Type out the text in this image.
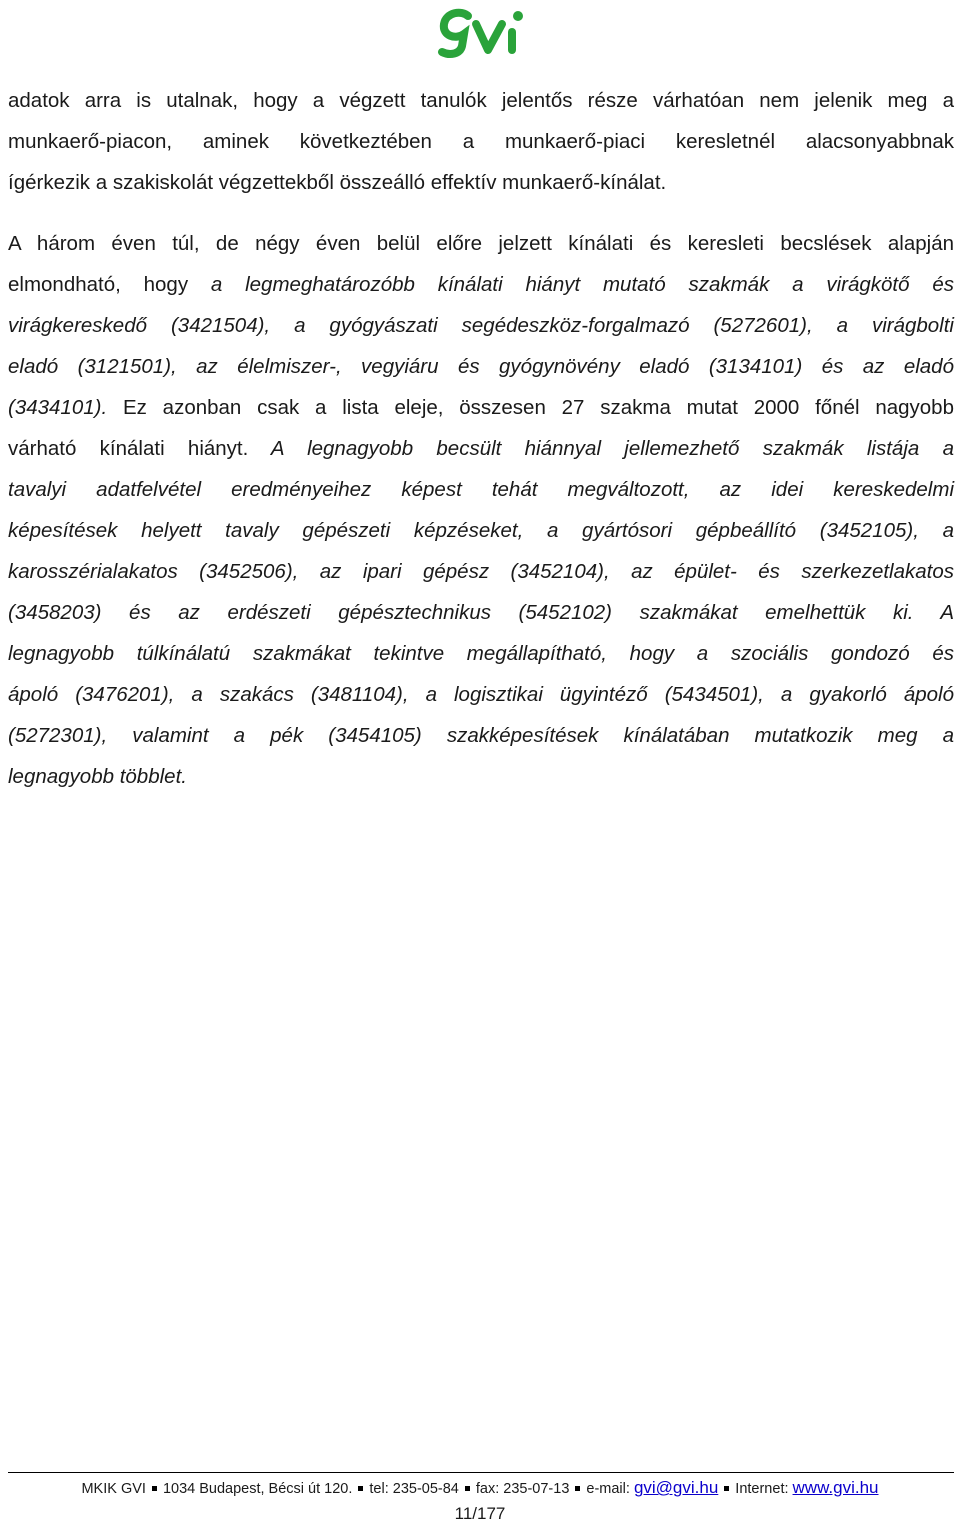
adatok arra is utalnak, hogy a végzett tanulók jelentős része várhatóan nem jelenik meg a
munkaerő-piacon, aminek következtében a munkaerő-piaci keresletnél alacsonyabbnak
ígérkezik a szakiskolát végzettekből összeálló effektív munkaerő-kínálat.
A három éven túl, de négy éven belül előre jelzett kínálati és keresleti becslések alapján
elmondható, hogy a legmeghatározóbb kínálati hiányt mutató szakmák a virágkötő és
virágkereskedő (3421504), a gyógyászati segédeszköz-forgalmazó (5272601), a virágbolti
eladó (3121501), az élelmiszer-, vegyiáru és gyógynövény eladó (3134101) és az eladó
(3434101). Ez azonban csak a lista eleje, összesen 27 szakma mutat 2000 főnél nagyobb
várható kínálati hiányt. A legnagyobb becsült hiánnyal jellemezhető szakmák listája a
tavalyi adatfelvétel eredményeihez képest tehát megváltozott, az idei kereskedelmi
képesítések helyett tavaly gépészeti képzéseket, a gyártósori gépbeállító (3452105), a
karosszérialakatos (3452506), az ipari gépész (3452104), az épület- és szerkezetlakatos
(3458203) és az erdészeti gépésztechnikus (5452102) szakmákat emelhettük ki. A
legnagyobb túlkínálatú szakmákat tekintve megállapítható, hogy a szociális gondozó és
ápoló (3476201), a szakács (3481104), a logisztikai ügyintéző (5434501), a gyakorló ápoló
(5272301), valamint a pék (3454105) szakképesítések kínálatában mutatkozik meg a
legnagyobb többlet.
MKIK GVI 1034 Budapest, Bécsi út 120. tel: 235-05-84 fax: 235-07-13 e-mail: gvi@gvi.hu Internet: www.gvi.hu
11/177
